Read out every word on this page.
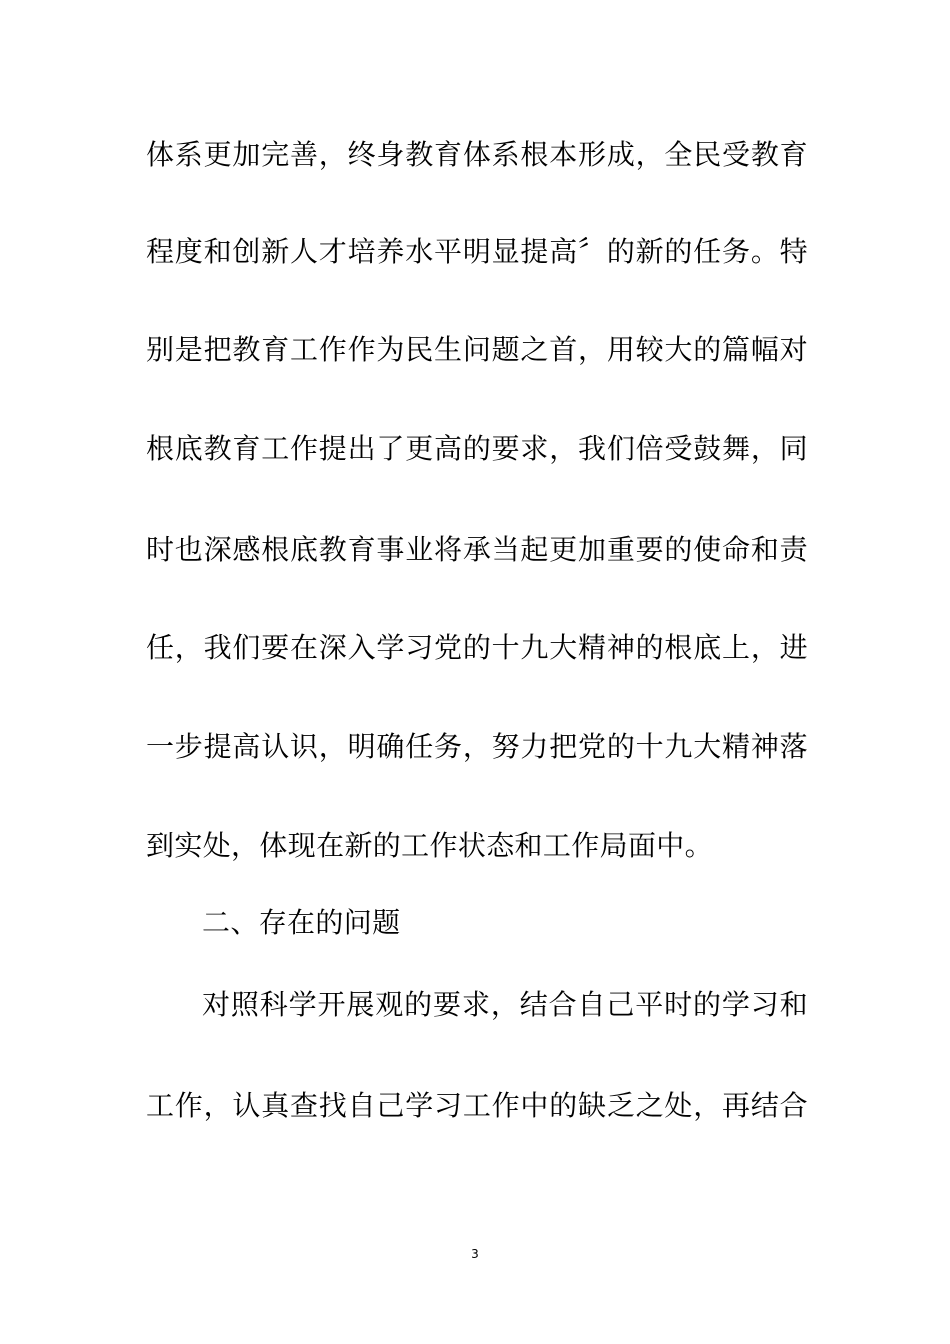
体系更加完善，终身教育体系根本形成，全民受教育
程度和创新人才培养水平明显提高〞的新的任务。特
别是把教育工作作为民生问题之首，用较大的篇幅对
根底教育工作提出了更高的要求，我们倍受鼓舞，同
时也深感根底教育事业将承当起更加重要的使命和责
任，我们要在深入学习党的十九大精神的根底上，进
一步提高认识，明确任务，努力把党的十九大精神落
到实处，体现在新的工作状态和工作局面中。
二、存在的问题
对照科学开展观的要求，结合自己平时的学习和
工作，认真查找自己学习工作中的缺乏之处，再结合
3
